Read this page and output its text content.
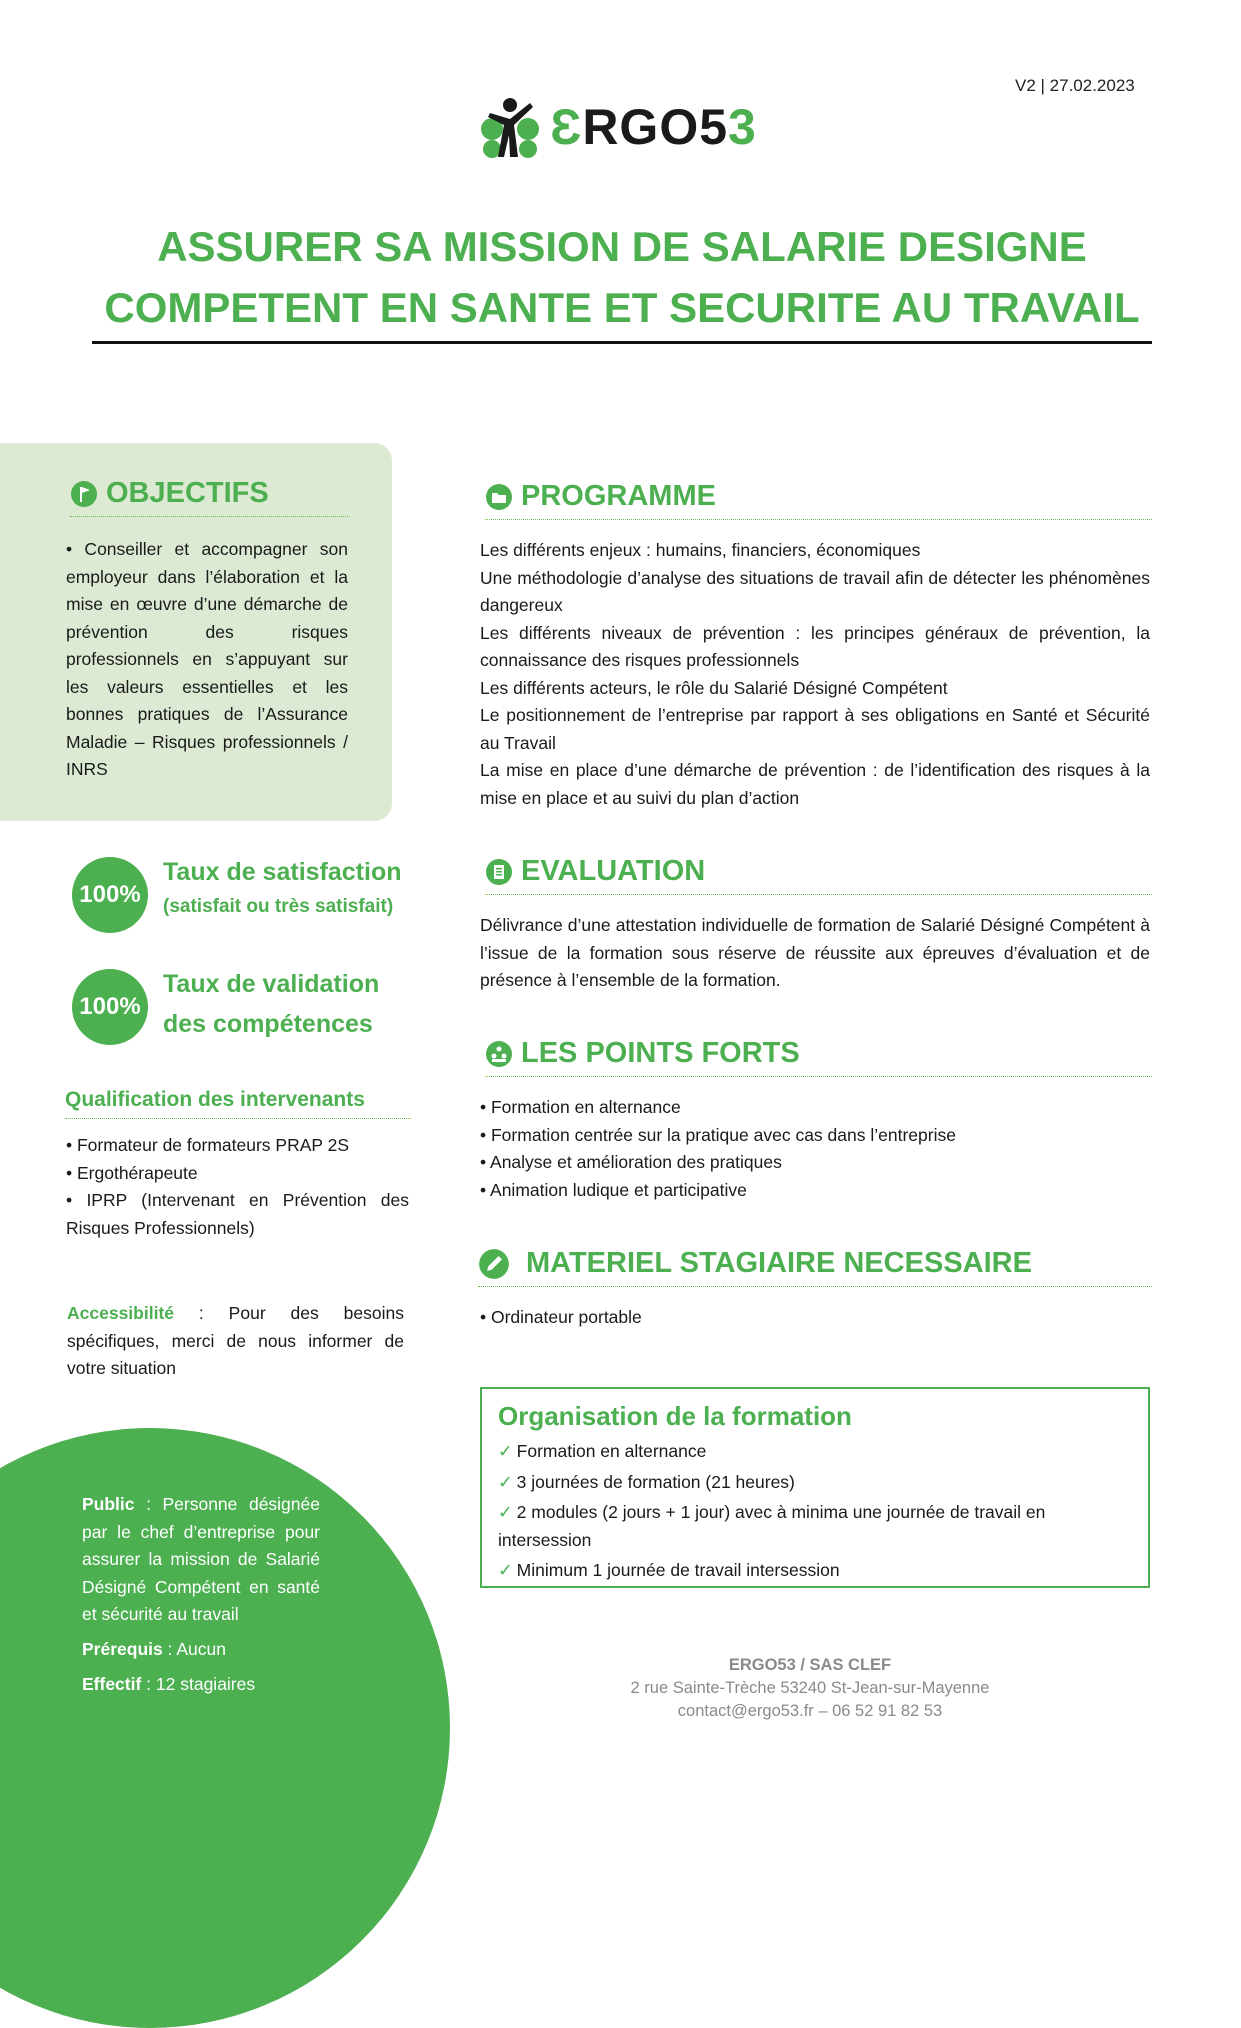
V2 | 27.02.2023
ƐRGO53
ASSURER SA MISSION DE SALARIE DESIGNE
COMPETENT EN SANTE ET SECURITE AU TRAVAIL
OBJECTIFS
• Conseiller et accompagner son employeur dans l’élaboration et la mise en œuvre d’une démarche de prévention des risques professionnels en s’appuyant sur les valeurs essentielles et les bonnes pratiques de l’Assurance Maladie – Risques professionnels / INRS
100%
Taux de satisfaction
(satisfait ou très satisfait)
100%
Taux de validation
des compétences
Qualification des intervenants
• Formateur de formateurs PRAP 2S
• Ergothérapeute
• IPRP (Intervenant en Prévention des Risques Professionnels)
Accessibilité : Pour des besoins spécifiques, merci de nous informer de votre situation
Public : Personne désignée par le chef d’entreprise pour assurer la mission de Salarié Désigné Compétent en santé et sécurité au travail
Prérequis : Aucun
Effectif : 12 stagiaires
PROGRAMME
Les différents enjeux : humains, financiers, économiques
Une méthodologie d’analyse des situations de travail afin de détecter les phénomènes dangereux
Les différents niveaux de prévention : les principes généraux de prévention, la connaissance des risques professionnels
Les différents acteurs, le rôle du Salarié Désigné Compétent
Le positionnement de l’entreprise par rapport à ses obligations en Santé et Sécurité au Travail
La mise en place d’une démarche de prévention : de l’identification des risques à la mise en place et au suivi du plan d’action
EVALUATION
Délivrance d’une attestation individuelle de formation de Salarié Désigné Compétent à l’issue de la formation sous réserve de réussite aux épreuves d’évaluation et de présence à l’ensemble de la formation.
LES POINTS FORTS
• Formation en alternance
• Formation centrée sur la pratique avec cas dans l’entreprise
• Analyse et amélioration des pratiques
• Animation ludique et participative
MATERIEL STAGIAIRE NECESSAIRE
• Ordinateur portable
Organisation de la formation
✓ Formation en alternance
✓ 3 journées de formation (21 heures)
✓ 2 modules (2 jours + 1 jour) avec à minima une journée de travail en intersession
✓ Minimum 1 journée de travail intersession
ERGO53 / SAS CLEF
2 rue Sainte-Trèche 53240 St-Jean-sur-Mayenne
contact@ergo53.fr – 06 52 91 82 53
